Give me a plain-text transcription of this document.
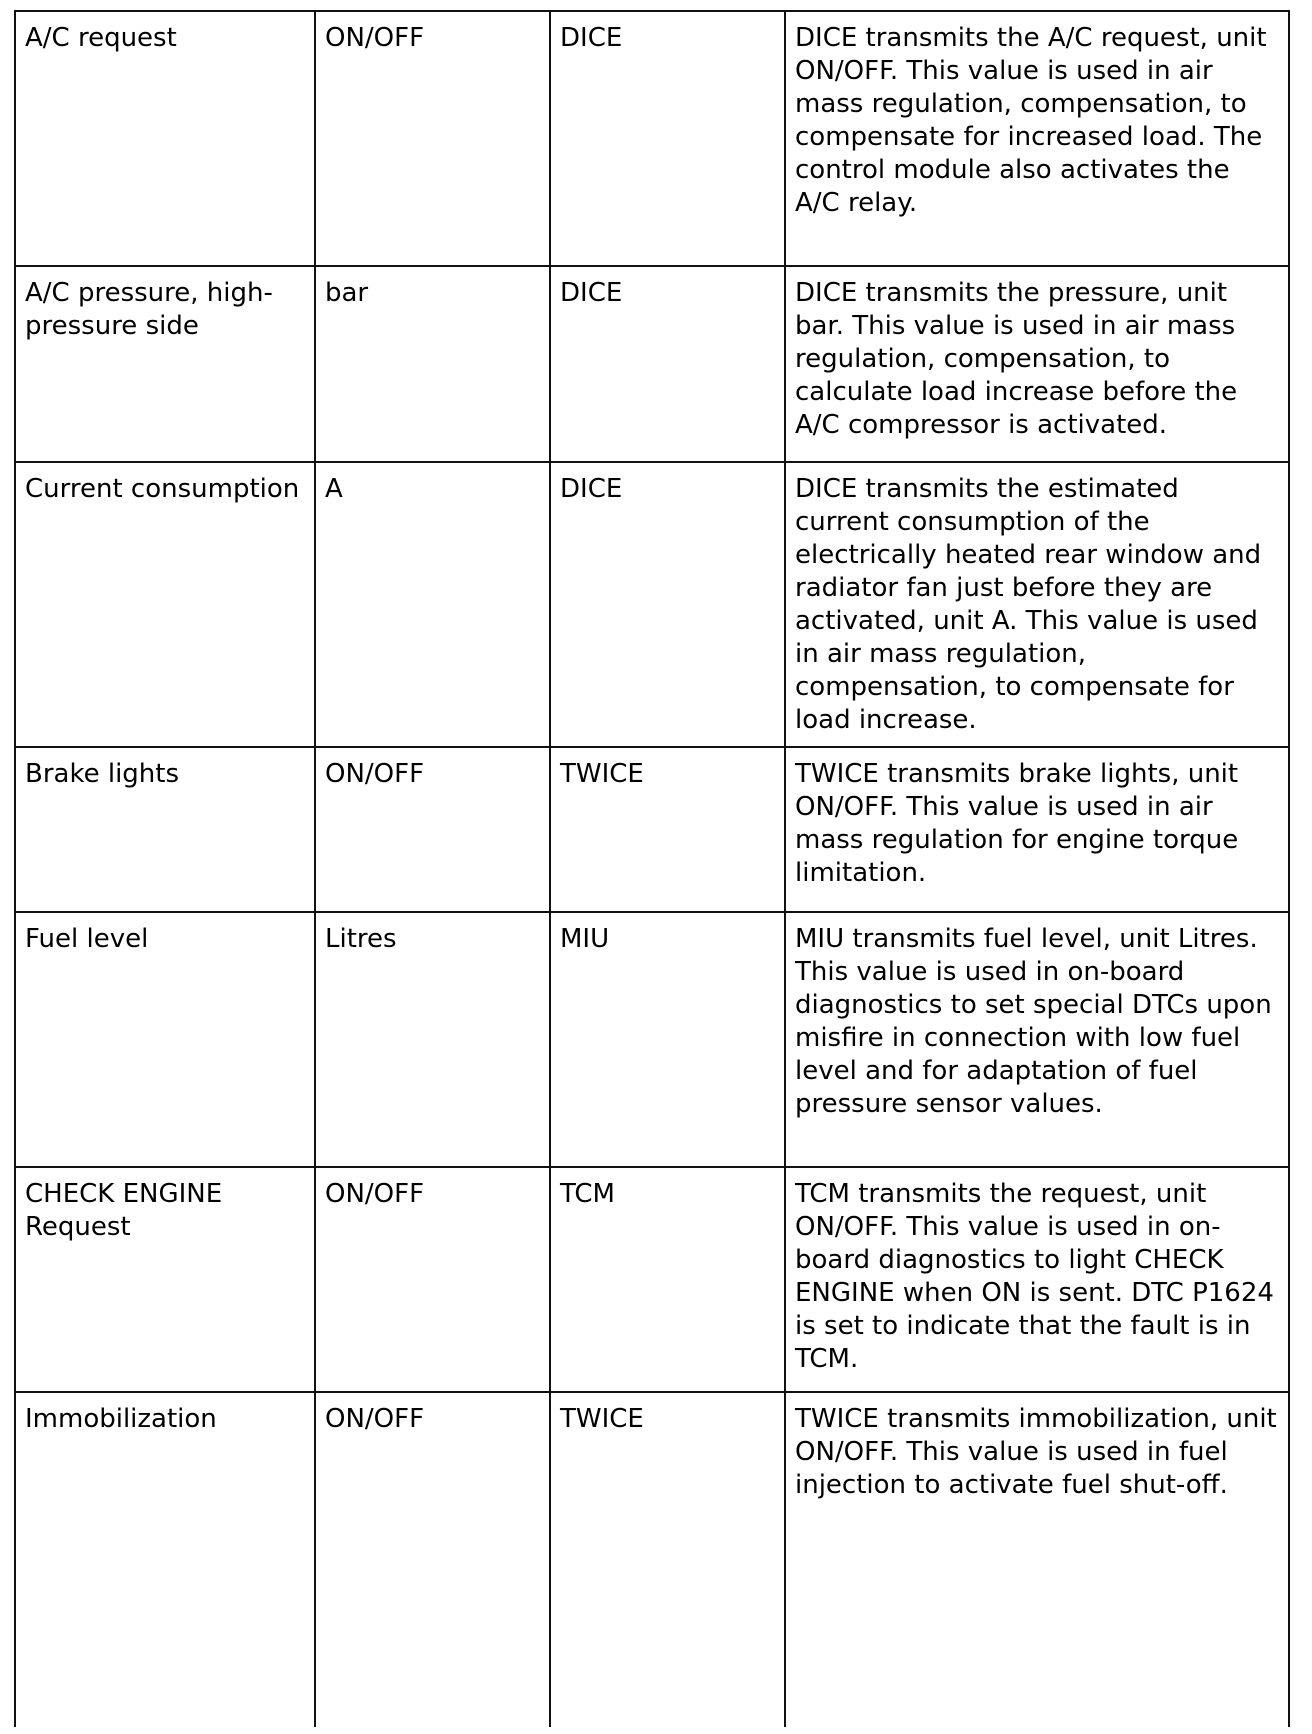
A/C request	ON/OFF	DICE	DICE transmits the A/C request, unit ON/OFF. This value is used in air mass regulation, compensation, to compensate for increased load. The control module also activates the A/C relay.
A/C pressure, high-pressure side	bar	DICE	DICE transmits the pressure, unit bar. This value is used in air mass regulation, compensation, to calculate load increase before the A/C compressor is activated.
Current consumption	A	DICE	DICE transmits the estimated current consumption of the electrically heated rear window and radiator fan just before they are activated, unit A. This value is used in air mass regulation, compensation, to compensate for load increase.
Brake lights	ON/OFF	TWICE	TWICE transmits brake lights, unit ON/OFF. This value is used in air mass regulation for engine torque limitation.
Fuel level	Litres	MIU	MIU transmits fuel level, unit Litres. This value is used in on-board diagnostics to set special DTCs upon misfire in connection with low fuel level and for adaptation of fuel pressure sensor values.
CHECK ENGINE Request	ON/OFF	TCM	TCM transmits the request, unit ON/OFF. This value is used in on-board diagnostics to light CHECK ENGINE when ON is sent. DTC P1624 is set to indicate that the fault is in TCM.
Immobilization	ON/OFF	TWICE	TWICE transmits immobilization, unit ON/OFF. This value is used in fuel injection to activate fuel shut-off.
